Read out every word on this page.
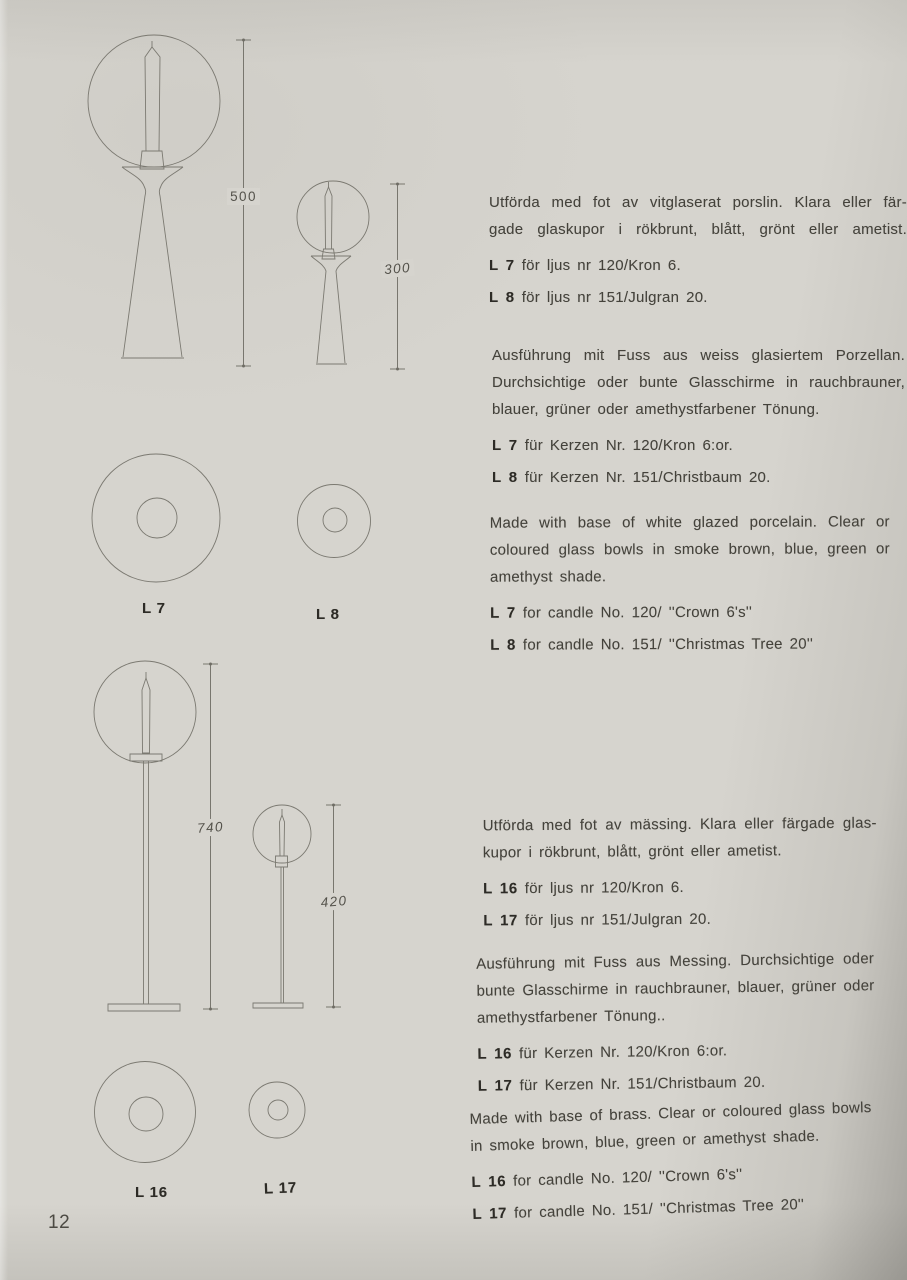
500
300
L 7	L 8
740
420
L 16	L 17
Utförda med fot av vitglaserat porslin. Klara eller fär-
gade glaskupor i rökbrunt, blått, grönt eller ametist.
L 7 för ljus nr 120/Kron 6.
L 8 för ljus nr 151/Julgran 20.
Ausführung mit Fuss aus weiss glasiertem Porzellan.
Durchsichtige oder bunte Glasschirme in rauchbrauner,
blauer, grüner oder amethystfarbener Tönung.
L 7 für Kerzen Nr. 120/Kron 6:or.
L 8 für Kerzen Nr. 151/Christbaum 20.
Made with base of white glazed porcelain. Clear or
coloured glass bowls in smoke brown, blue, green or
amethyst shade.
L 7 for candle No. 120/ ''Crown 6's''
L 8 for candle No. 151/ ''Christmas Tree 20''
Utförda med fot av mässing. Klara eller färgade glas-
kupor i rökbrunt, blått, grönt eller ametist.
L 16 för ljus nr 120/Kron 6.
L 17 för ljus nr 151/Julgran 20.
Ausführung mit Fuss aus Messing. Durchsichtige oder
bunte Glasschirme in rauchbrauner, blauer, grüner oder
amethystfarbener Tönung..
L 16 für Kerzen Nr. 120/Kron 6:or.
L 17 für Kerzen Nr. 151/Christbaum 20.
Made with base of brass. Clear or coloured glass bowls
in smoke brown, blue, green or amethyst shade.
L 16 for candle No. 120/ ''Crown 6's''
L 17 for candle No. 151/ ''Christmas Tree 20''
12
